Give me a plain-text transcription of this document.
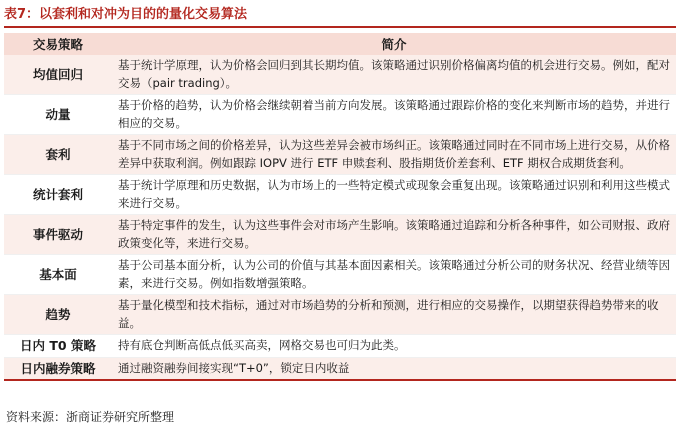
表7：以套利和对冲为目的的量化交易算法
交易策略	简介
均值回归	基于统计学原理，认为价格会回归到其长期均值。该策略通过识别价格偏离均值的机会进行交易。例如，配对交易（pair trading）。
动量	基于价格的趋势，认为价格会继续朝着当前方向发展。该策略通过跟踪价格的变化来判断市场的趋势，并进行相应的交易。
套利	基于不同市场之间的价格差异，认为这些差异会被市场纠正。该策略通过同时在不同市场上进行交易，从价格差异中获取利润。例如跟踪 IOPV 进行 ETF 申赎套利、股指期货价差套利、ETF 期权合成期货套利。
统计套利	基于统计学原理和历史数据，认为市场上的一些特定模式或现象会重复出现。该策略通过识别和利用这些模式来进行交易。
事件驱动	基于特定事件的发生，认为这些事件会对市场产生影响。该策略通过追踪和分析各种事件，如公司财报、政府政策变化等，来进行交易。
基本面	基于公司基本面分析，认为公司的价值与其基本面因素相关。该策略通过分析公司的财务状况、经营业绩等因素，来进行交易。例如指数增强策略。
趋势	基于量化模型和技术指标，通过对市场趋势的分析和预测，进行相应的交易操作，以期望获得趋势带来的收益。
日内 T0 策略	持有底仓判断高低点低买高卖，网格交易也可归为此类。
日内融券策略	通过融资融券间接实现“T+0”，锁定日内收益
资料来源：浙商证券研究所整理
